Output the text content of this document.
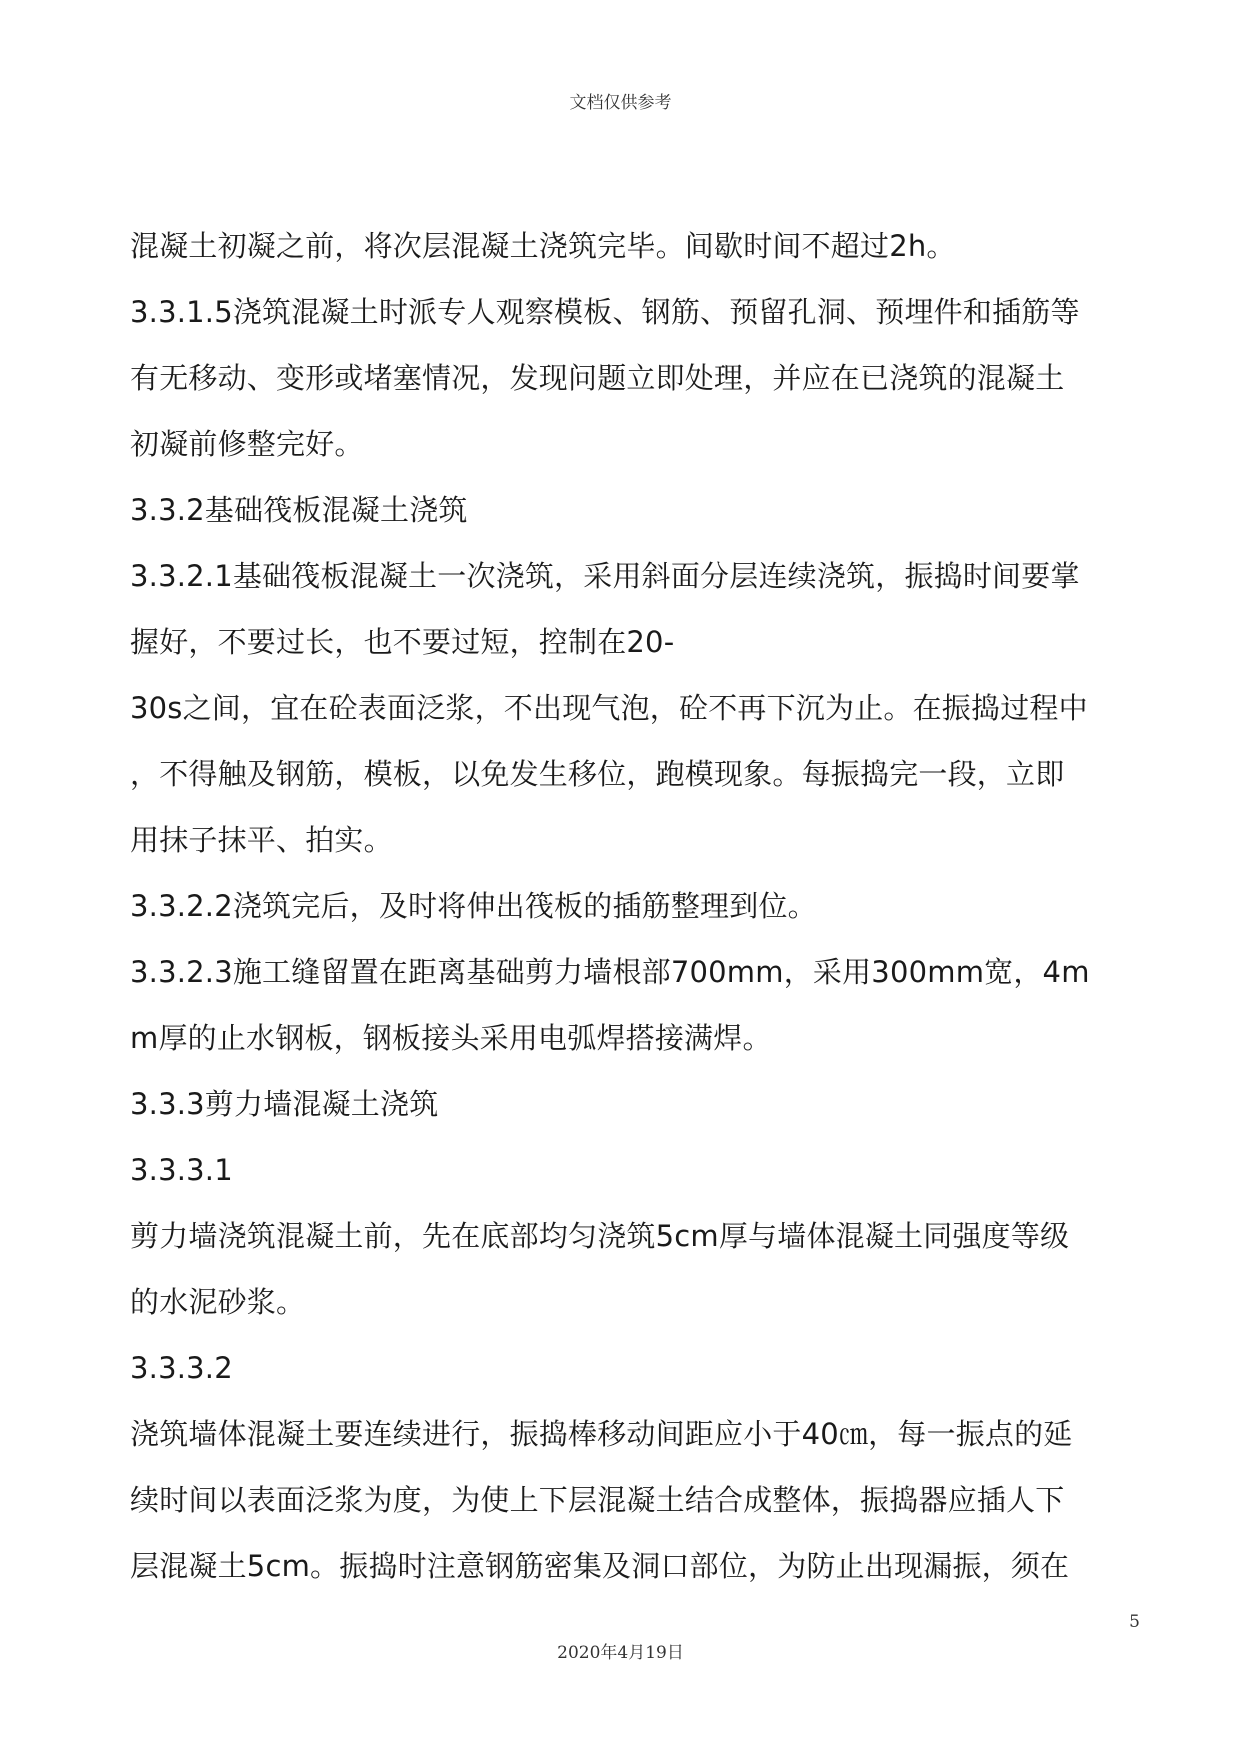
文档仅供参考
混凝土初凝之前，将次层混凝土浇筑完毕。间歇时间不超过2h。
3.3.1.5浇筑混凝土时派专人观察模板、钢筋、预留孔洞、预埋件和插筋等
有无移动、变形或堵塞情况，发现问题立即处理，并应在已浇筑的混凝土
初凝前修整完好。
3.3.2基础筏板混凝土浇筑
3.3.2.1基础筏板混凝土一次浇筑，采用斜面分层连续浇筑，振捣时间要掌
握好，不要过长，也不要过短，控制在20-
30s之间，宜在砼表面泛浆，不出现气泡，砼不再下沉为止。在振捣过程中
，不得触及钢筋，模板，以免发生移位，跑模现象。每振捣完一段，立即
用抹子抹平、拍实。
3.3.2.2浇筑完后，及时将伸出筏板的插筋整理到位。
3.3.2.3施工缝留置在距离基础剪力墙根部700mm，采用300mm宽，4m
m厚的止水钢板，钢板接头采用电弧焊搭接满焊。
3.3.3剪力墙混凝土浇筑
3.3.3.1
剪力墙浇筑混凝土前，先在底部均匀浇筑5cm厚与墙体混凝土同强度等级
的水泥砂浆。
3.3.3.2
浇筑墙体混凝土要连续进行，振捣棒移动间距应小于40㎝，每一振点的延
续时间以表面泛浆为度，为使上下层混凝土结合成整体，振捣器应插人下
层混凝土5cm。振捣时注意钢筋密集及洞口部位，为防止出现漏振，须在
5
2020年4月19日
